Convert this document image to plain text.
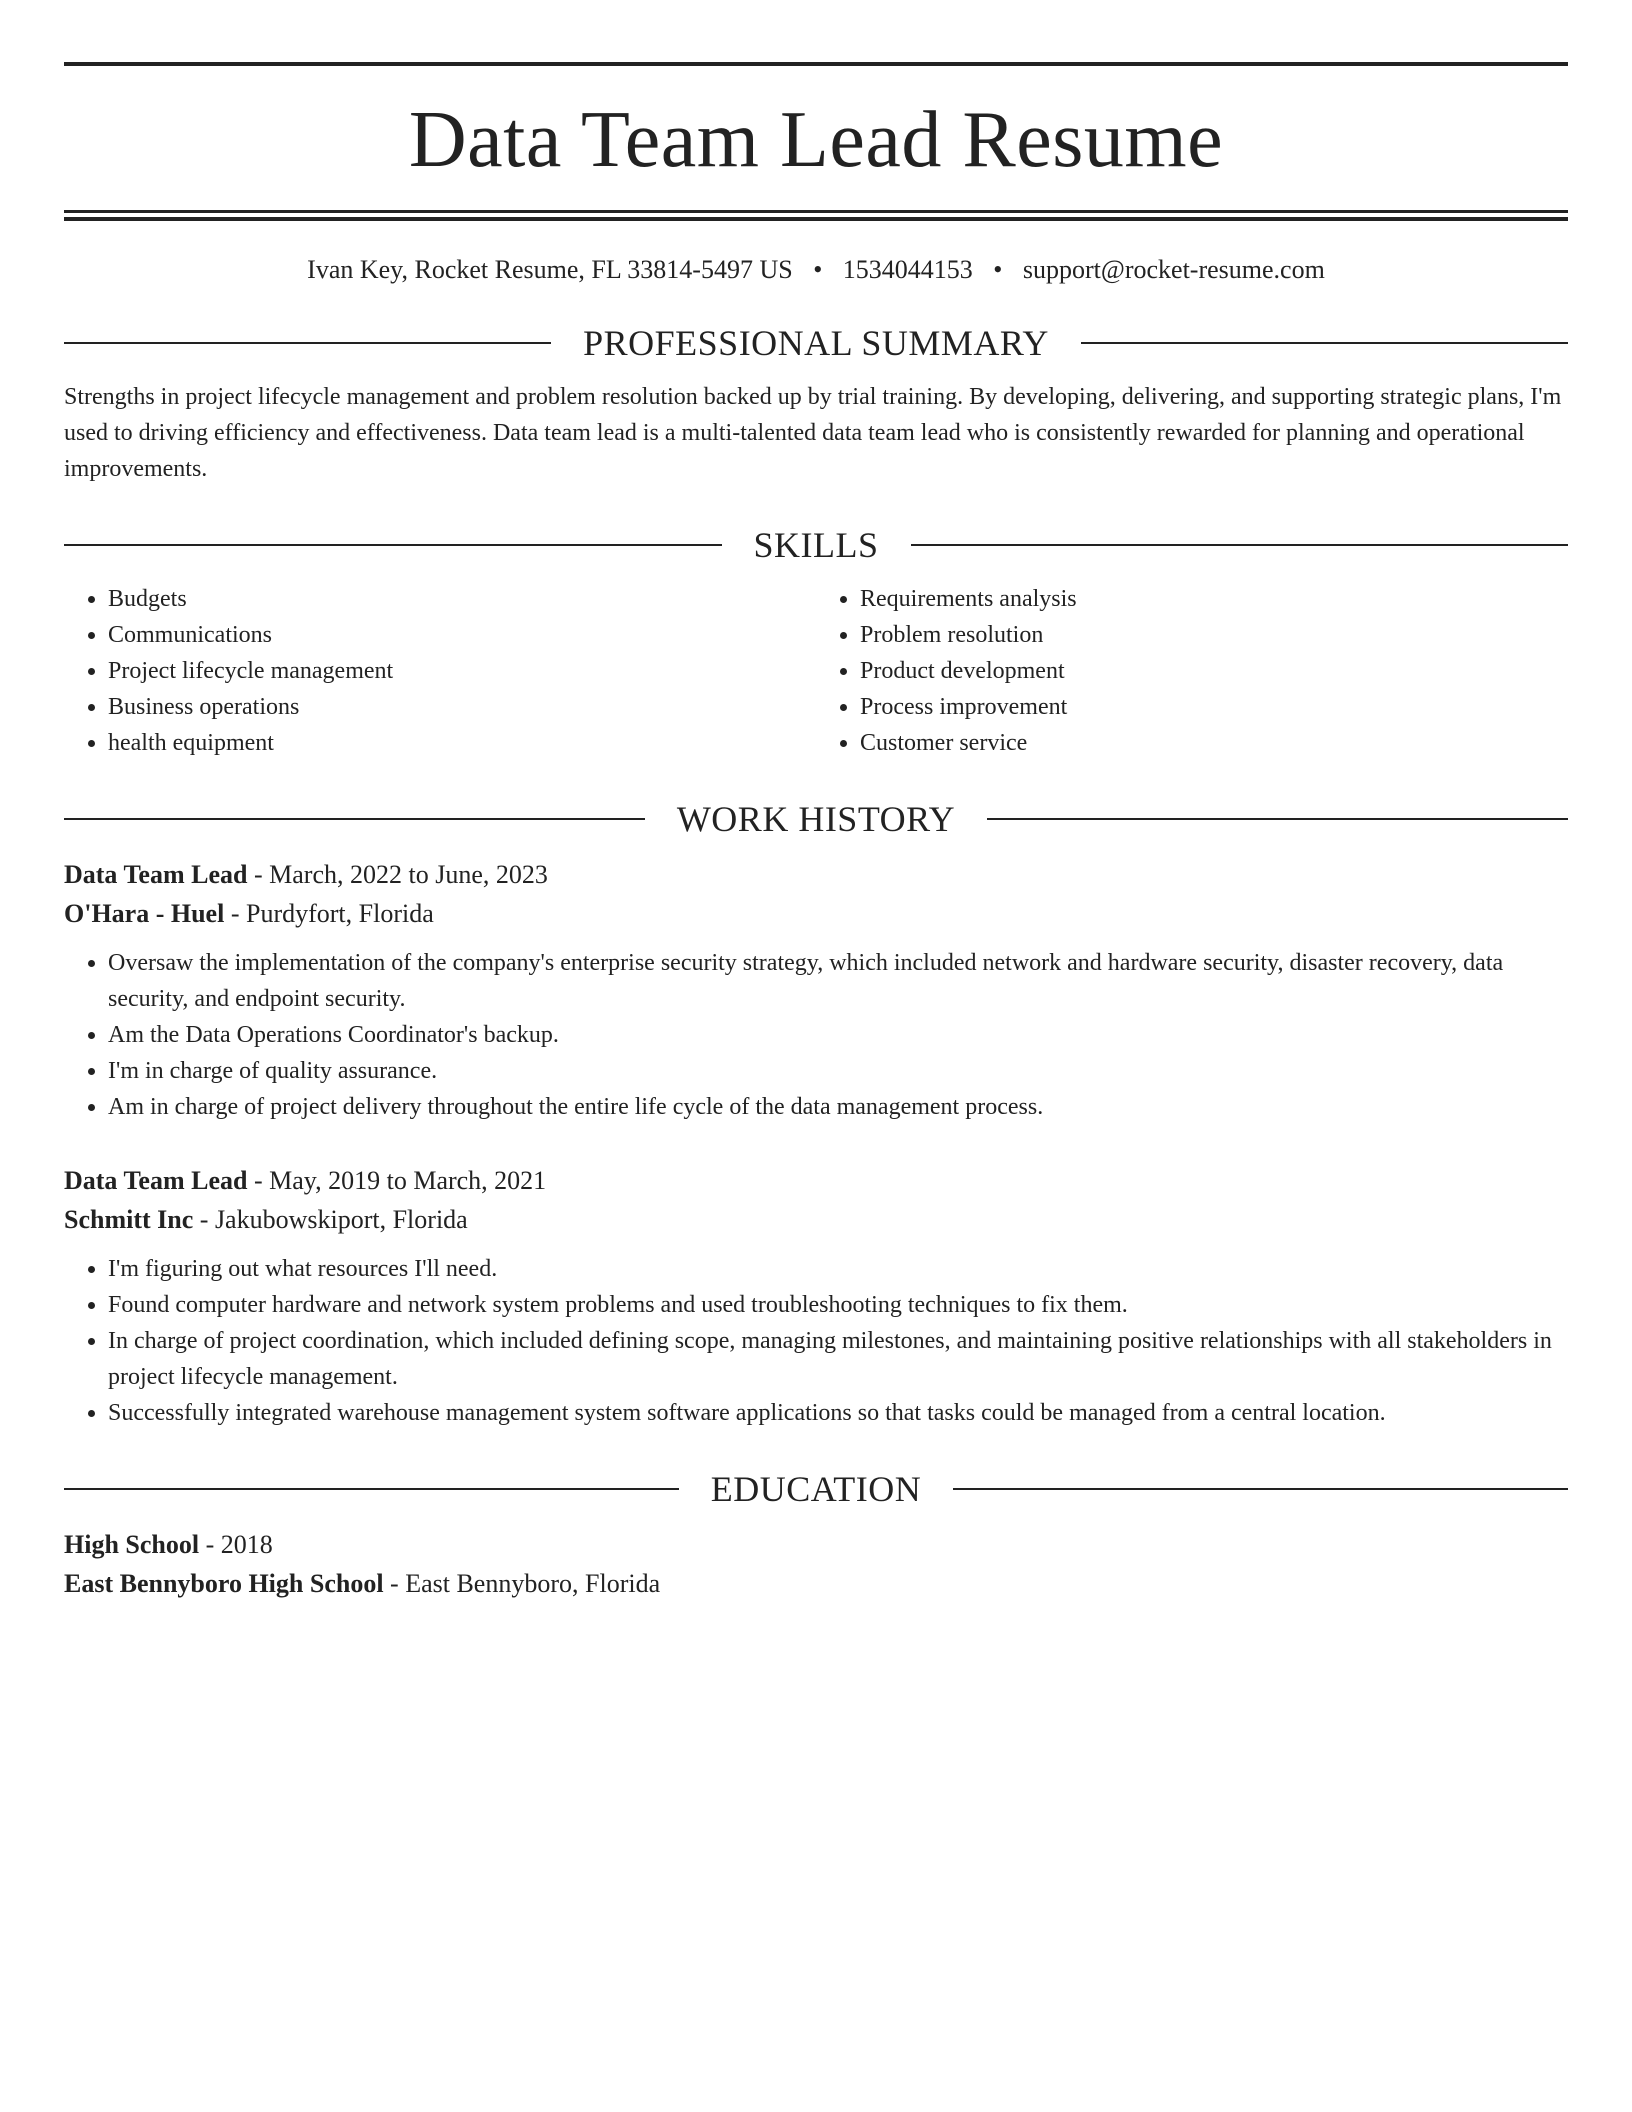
Data Team Lead Resume
Ivan Key, Rocket Resume, FL 33814-5497 US • 1534044153 • support@rocket-resume.com
PROFESSIONAL SUMMARY

Strengths in project lifecycle management and problem resolution backed up by trial training. By developing, delivering, and supporting strategic plans, I'm used to driving efficiency and effectiveness. Data team lead is a multi-talented data team lead who is consistently rewarded for planning and operational improvements.

SKILLS
• Budgets
• Communications
• Project lifecycle management
• Business operations
• health equipment
• Requirements analysis
• Problem resolution
• Product development
• Process improvement
• Customer service
WORK HISTORY
Data Team Lead - March, 2022 to June, 2023
O'Hara - Huel - Purdyfort, Florida
• Oversaw the implementation of the company's enterprise security strategy, which included network and hardware security, disaster recovery, data security, and endpoint security.
• Am the Data Operations Coordinator's backup.
• I'm in charge of quality assurance.
• Am in charge of project delivery throughout the entire life cycle of the data management process.
Data Team Lead - May, 2019 to March, 2021
Schmitt Inc - Jakubowskiport, Florida
• I'm figuring out what resources I'll need.
• Found computer hardware and network system problems and used troubleshooting techniques to fix them.
• In charge of project coordination, which included defining scope, managing milestones, and maintaining positive relationships with all stakeholders in project lifecycle management.
• Successfully integrated warehouse management system software applications so that tasks could be managed from a central location.
EDUCATION
High School - 2018
East Bennyboro High School - East Bennyboro, Florida
